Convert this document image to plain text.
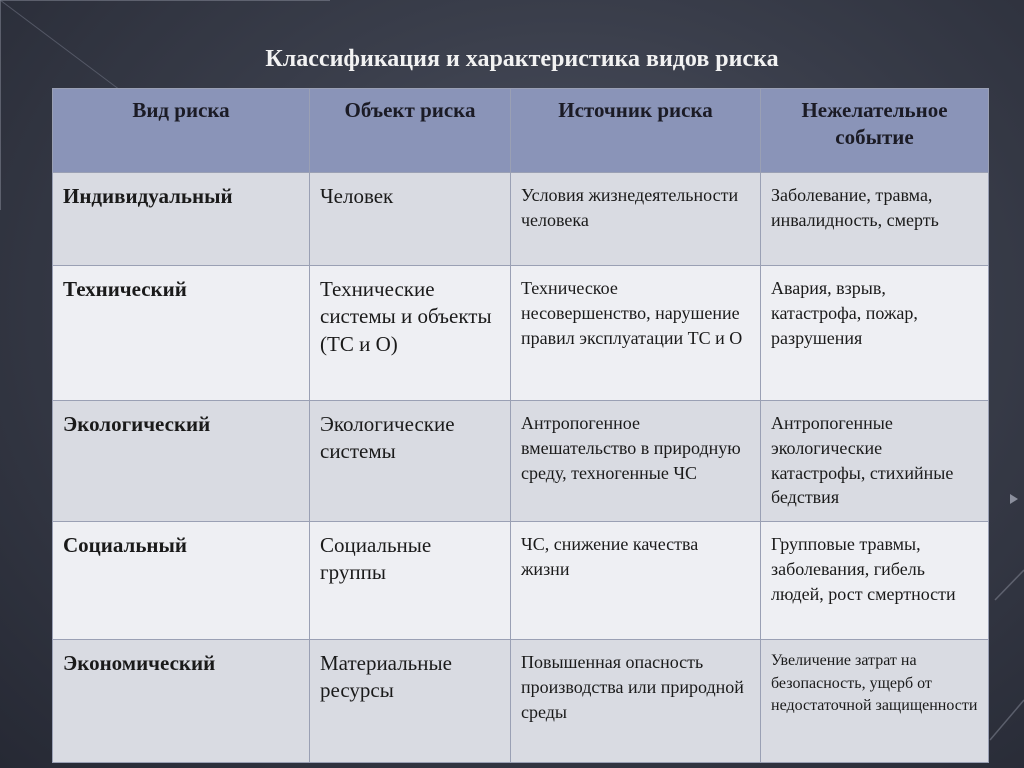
Классификация и характеристика видов риска
Вид риска	Объект риска	Источник риска	Нежелательное событие
Индивидуальный	Человек	Условия жизнедеятельности человека	Заболевание, травма, инвалидность, смерть
Технический	Технические системы и объекты (ТС и О)	Техническое несовершенство, нарушение правил эксплуатации ТС и О	Авария, взрыв, катастрофа, пожар, разрушения
Экологический	Экологические системы	Антропогенное вмешательство в природную среду, техногенные ЧС	Антропогенные экологические катастрофы, стихийные бедствия
Социальный	Социальные группы	ЧС, снижение качества жизни	Групповые травмы, заболевания, гибель людей, рост смертности
Экономический	Материальные ресурсы	Повышенная опасность производства или природной среды	Увеличение затрат на безопасность, ущерб от недостаточной защищенности
